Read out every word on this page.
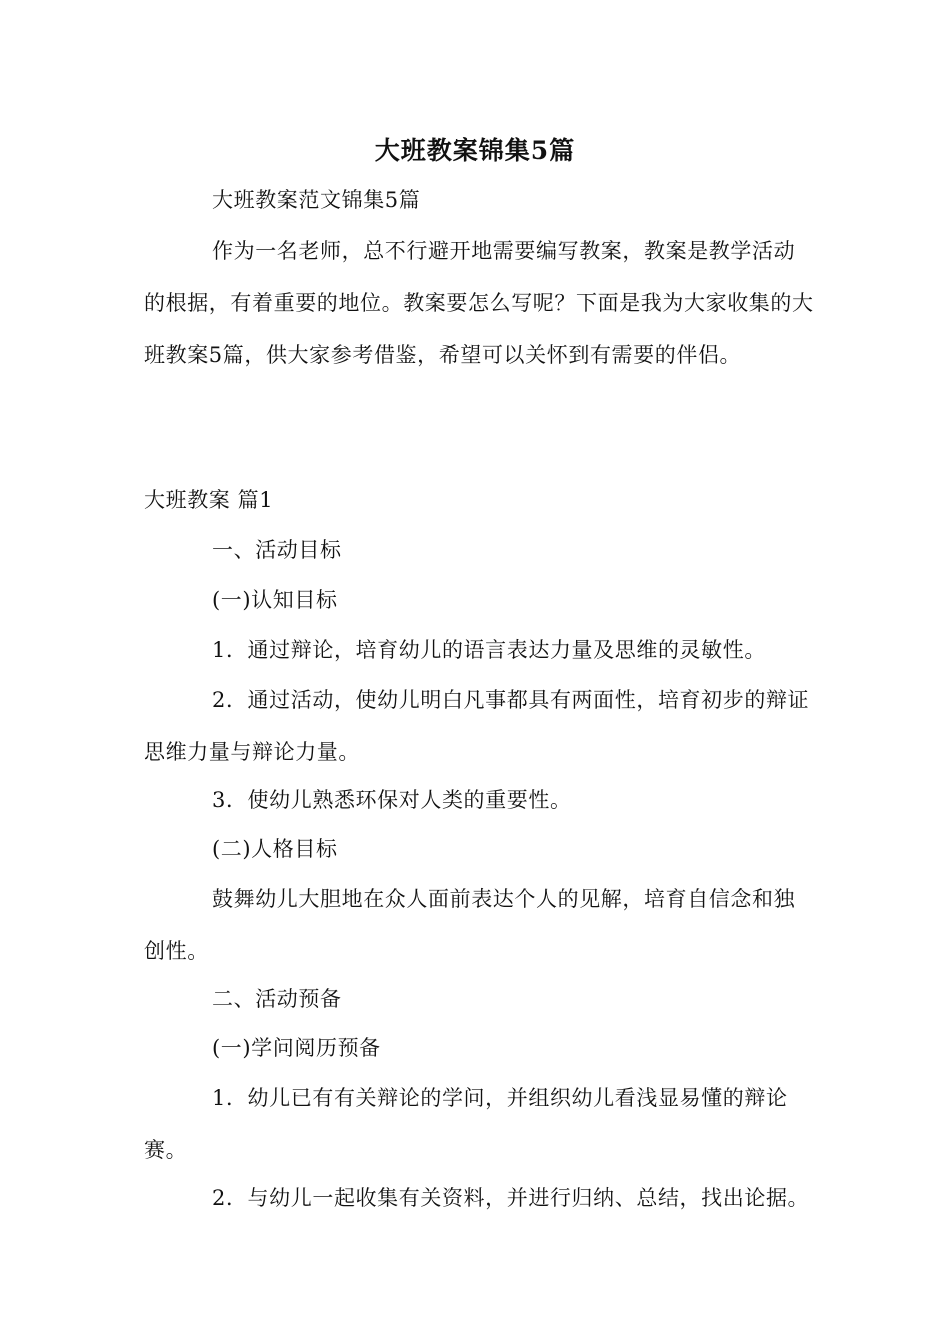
大班教案锦集5篇

大班教案范文锦集5篇

作为一名老师，总不行避开地需要编写教案，教案是教学活动的根据，有着重要的地位。教案要怎么写呢？下面是我为大家收集的大班教案5篇，供大家参考借鉴，希望可以关怀到有需要的伴侣。

大班教案 篇1

一、活动目标

(一)认知目标

1．通过辩论，培育幼儿的语言表达力量及思维的灵敏性。

2．通过活动，使幼儿明白凡事都具有两面性，培育初步的辩证思维力量与辩论力量。

3．使幼儿熟悉环保对人类的重要性。

(二)人格目标

鼓舞幼儿大胆地在众人面前表达个人的见解，培育自信念和独创性。

二、活动预备

(一)学问阅历预备

1．幼儿已有有关辩论的学问，并组织幼儿看浅显易懂的辩论赛。

2．与幼儿一起收集有关资料，并进行归纳、总结，找出论据。
